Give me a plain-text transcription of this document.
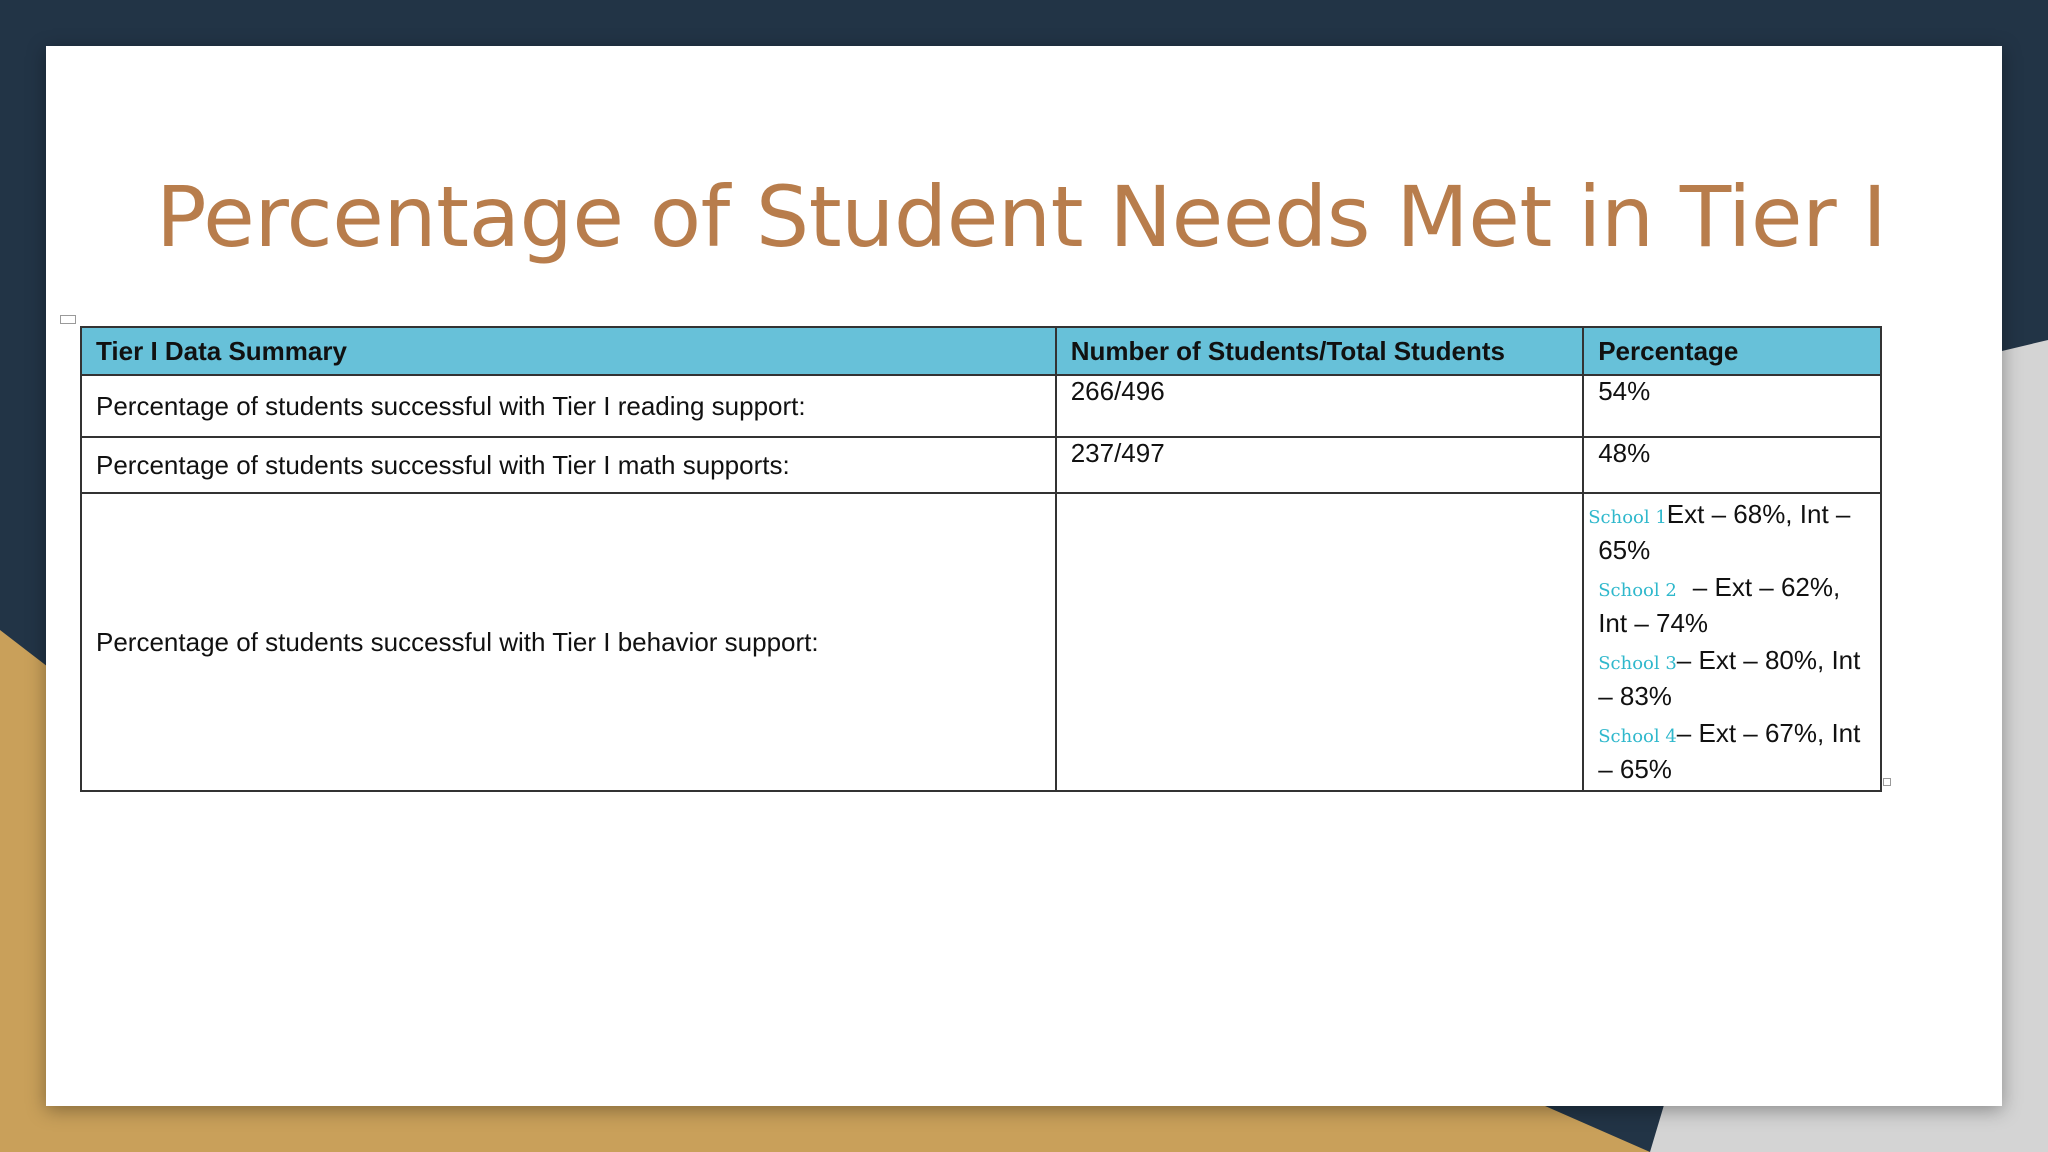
Percentage of Student Needs Met in Tier I
Tier I Data Summary	Number of Students/Total Students	Percentage
Percentage of students successful with Tier I reading support:	266/496	54%
Percentage of students successful with Tier I math supports:	237/497	48%
Percentage of students successful with Tier I behavior support:		School 1Ext – 68%, Int – 65%
School 2 – Ext – 62%, Int – 74%
School 3– Ext – 80%, Int – 83%
School 4– Ext – 67%, Int – 65%
